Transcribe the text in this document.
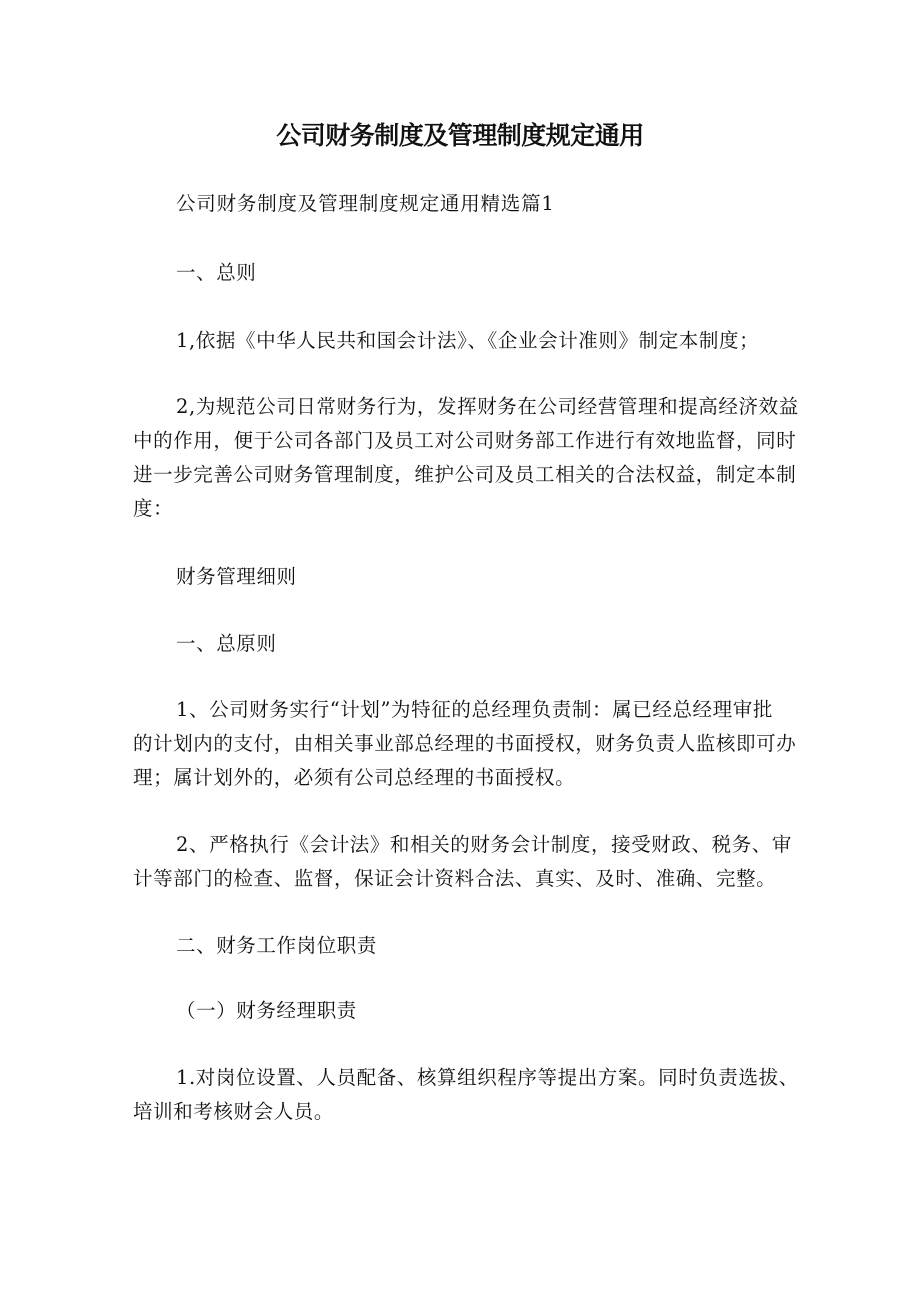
公司财务制度及管理制度规定通用
公司财务制度及管理制度规定通用精选篇1
一、总则
1,依据《中华人民共和国会计法》、《企业会计准则》制定本制度；
2,为规范公司日常财务行为，发挥财务在公司经营管理和提高经济效益
中的作用，便于公司各部门及员工对公司财务部工作进行有效地监督，同时
进一步完善公司财务管理制度，维护公司及员工相关的合法权益，制定本制
度：
财务管理细则
一、总原则
1、公司财务实行“计划”为特征的总经理负责制：属已经总经理审批
的计划内的支付，由相关事业部总经理的书面授权，财务负责人监核即可办
理；属计划外的，必须有公司总经理的书面授权。
2、严格执行《会计法》和相关的财务会计制度，接受财政、税务、审
计等部门的检查、监督，保证会计资料合法、真实、及时、准确、完整。
二、财务工作岗位职责
（一）财务经理职责
1.对岗位设置、人员配备、核算组织程序等提出方案。同时负责选拔、
培训和考核财会人员。
